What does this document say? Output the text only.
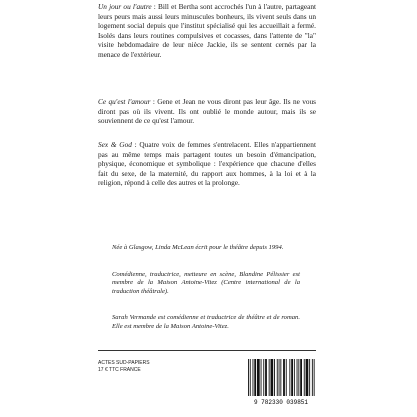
Un jour ou l'autre : Bill et Bertha sont accrochés l'un à l'autre, partageant leurs peurs mais aussi leurs minuscules bonheurs, ils vivent seuls dans un logement social depuis que l'institut spécialisé qui les accueillait a fermé. Isolés dans leurs routines compulsives et cocasses, dans l'attente de "la" visite hebdomadaire de leur nièce Jackie, ils se sentent cernés par la menace de l'extérieur.

Ce qu'est l'amour : Gene et Jean ne vous diront pas leur âge. Ils ne vous diront pas où ils vivent. Ils ont oublié le monde autour, mais ils se souviennent de ce qu'est l'amour.

Sex & God : Quatre voix de femmes s'entrelacent. Elles n'appartiennent pas au même temps mais partagent toutes un besoin d'émancipation, physique, économique et symbolique : l'expérience que chacune d'elles fait du sexe, de la maternité, du rapport aux hommes, à la loi et à la religion, répond à celle des autres et la prolonge.

Née à Glasgow, Linda McLean écrit pour le théâtre depuis 1994.

Comédienne, traductrice, metteure en scène, Blandine Pélissier est membre de la Maison Antoine-Vitez (Centre international de la traduction théâtrale).

Sarah Vermande est comédienne et traductrice de théâtre et de roman. Elle est membre de la Maison Antoine-Vitez.

ACTES SUD-PAPIERS
17 € TTC FRANCE
9 782330 039851
